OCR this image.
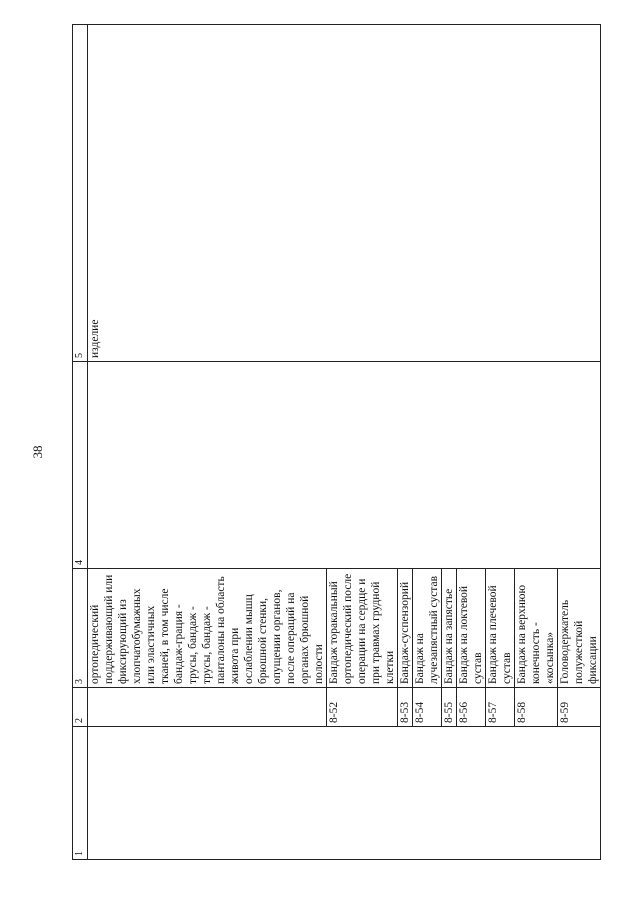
38
1	2	3	4	5
		ортопедический поддерживающий или фиксирующий из хлопчатобумажных или эластичных тканей, в том числе бандаж-грация - трусы, бандаж - трусы, бандаж - панталоны на область живота при ослаблении мышц брюшной стенки, опущении органов, после операций на органах брюшной полости		изделие
	8-52	Бандаж торакальный ортопедический после операции на сердце и при травмах грудной клетки		
	8-53	Бандаж-суспензорий		
	8-54	Бандаж на лучезапястный сустав		
	8-55	Бандаж на запястье		
	8-56	Бандаж на локтевой сустав		
	8-57	Бандаж на плечевой сустав		
	8-58	Бандаж на верхнюю конечность - «косынка»		
	8-59	Головодержатель полужесткой фиксации		
